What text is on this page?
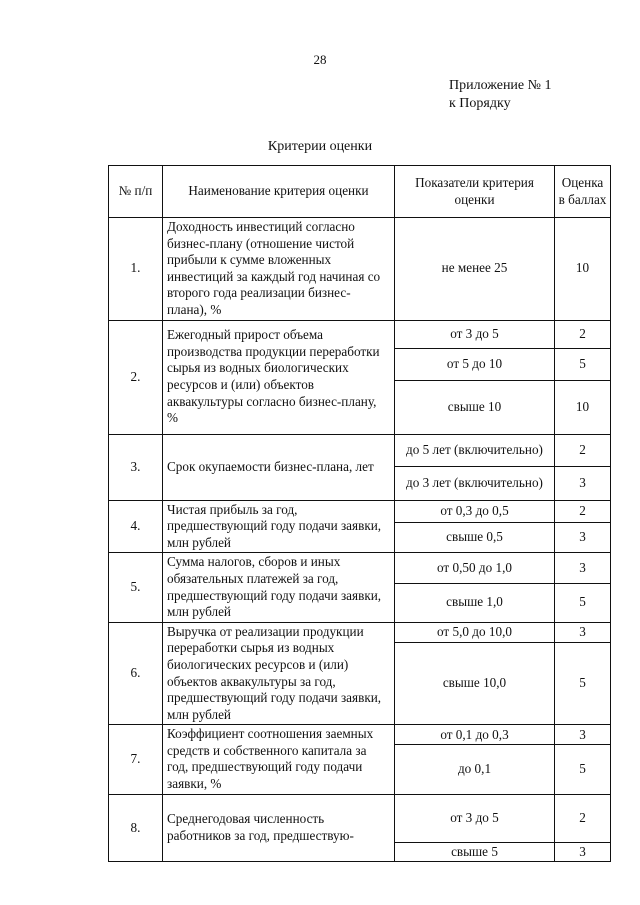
28
Приложение № 1
к Порядку
Критерии оценки
№ п/п	Наименование критерия оценки	Показатели критерия оценки	Оценка в баллах
1.	Доходность инвестиций согласно бизнес-плану (отношение чистой прибыли к сумме вложенных инвестиций за каждый год начиная со второго года реализации бизнес-плана), %	не менее 25	10
2.	Ежегодный прирост объема производства продукции переработки сырья из водных биологических ресурсов и (или) объектов аквакультуры согласно бизнес-плану, %	от 3 до 5	2
		от 5 до 10	5
		свыше 10	10
3.	Срок окупаемости бизнес-плана, лет	до 5 лет (включительно)	2
		до 3 лет (включительно)	3
4.	Чистая прибыль за год, предшествующий году подачи заявки, млн рублей	от 0,3 до 0,5	2
		свыше 0,5	3
5.	Сумма налогов, сборов и иных обязательных платежей за год, предшествующий году подачи заявки, млн рублей	от 0,50 до 1,0	3
		свыше 1,0	5
6.	Выручка от реализации продукции переработки сырья из водных биологических ресурсов и (или) объектов аквакультуры за год, предшествующий году подачи заявки, млн рублей	от 5,0 до 10,0	3
		свыше 10,0	5
7.	Коэффициент соотношения заемных средств и собственного капитала за год, предшествующий году подачи заявки, %	от 0,1 до 0,3	3
		до 0,1	5
8.	Среднегодовая численность работников за год, предшествую-	от 3 до 5	2
		свыше 5	3
